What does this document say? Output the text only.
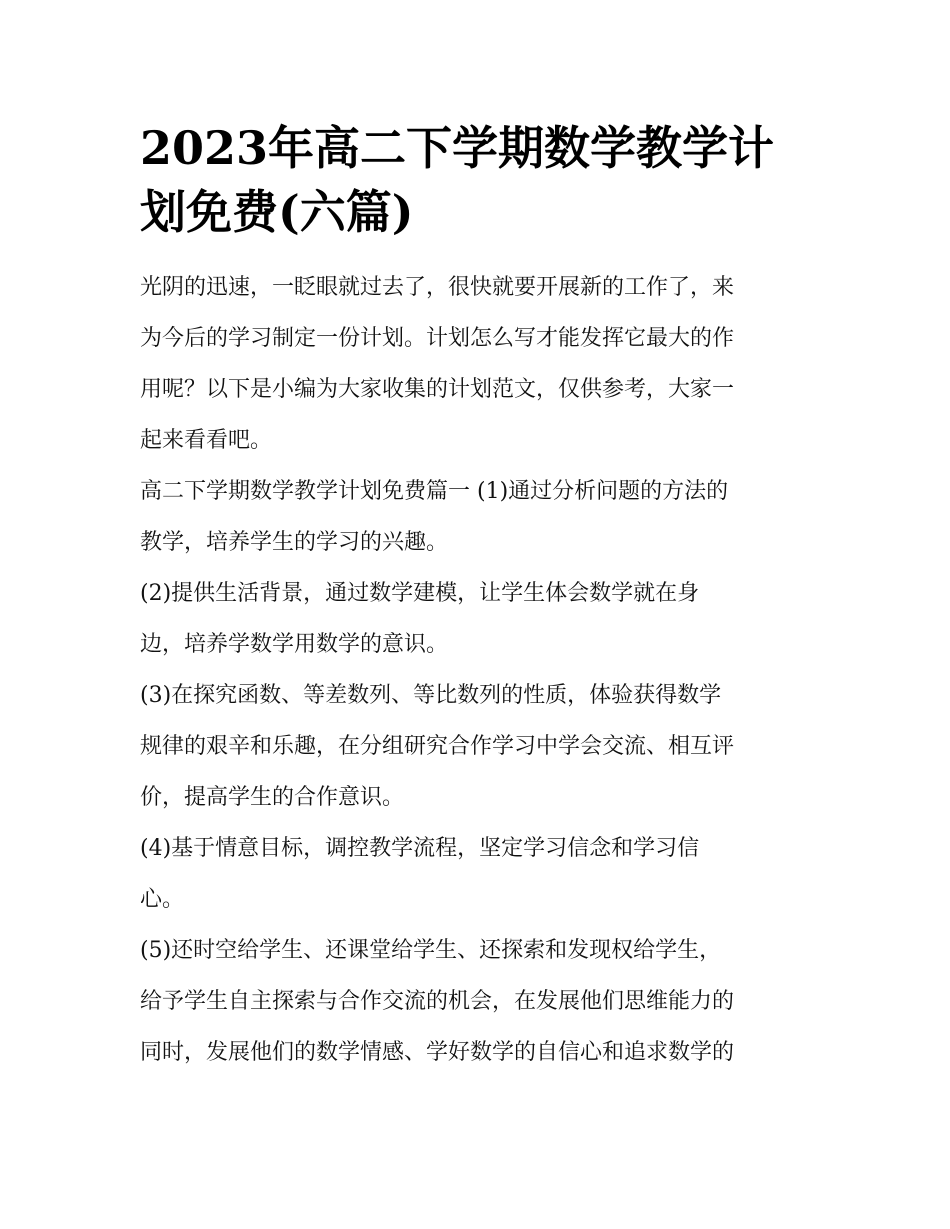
2023年高二下学期数学教学计
划免费(六篇)
光阴的迅速，一眨眼就过去了，很快就要开展新的工作了，来
为今后的学习制定一份计划。计划怎么写才能发挥它最大的作
用呢？以下是小编为大家收集的计划范文，仅供参考，大家一
起来看看吧。
高二下学期数学教学计划免费篇一 (1)通过分析问题的方法的
教学，培养学生的学习的兴趣。
(2)提供生活背景，通过数学建模，让学生体会数学就在身
边，培养学数学用数学的意识。
(3)在探究函数、等差数列、等比数列的性质，体验获得数学
规律的艰辛和乐趣，在分组研究合作学习中学会交流、相互评
价，提高学生的合作意识。
(4)基于情意目标，调控教学流程，坚定学习信念和学习信
心。
(5)还时空给学生、还课堂给学生、还探索和发现权给学生，
给予学生自主探索与合作交流的机会，在发展他们思维能力的
同时，发展他们的数学情感、学好数学的自信心和追求数学的
